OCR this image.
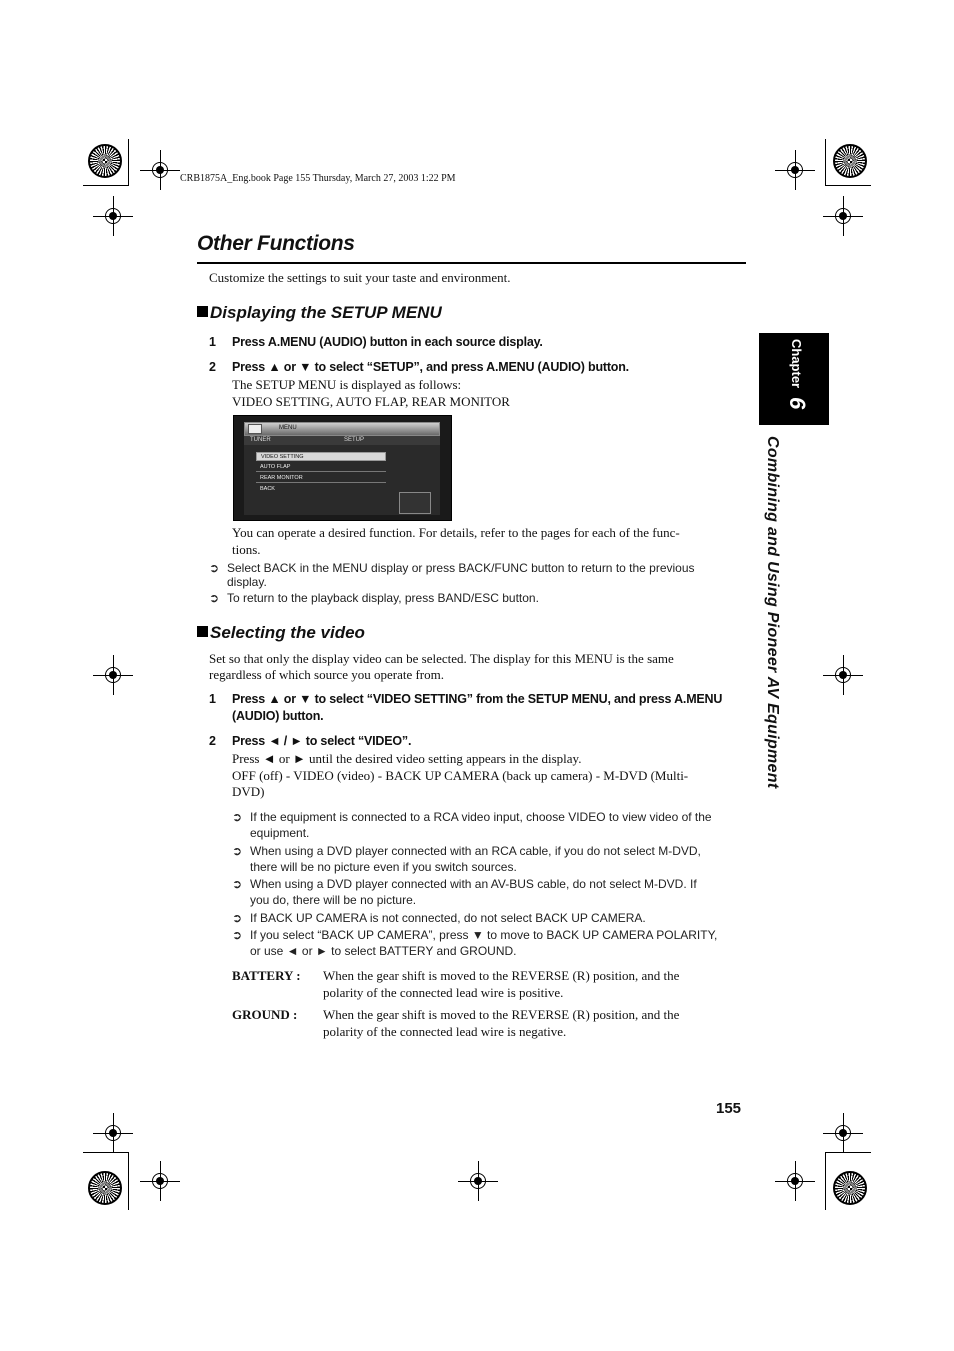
CRB1875A_Eng.book Page 155 Thursday, March 27, 2003 1:22 PM
Other Functions
Customize the settings to suit your taste and environment.
Displaying the SETUP MENU
1 Press A.MENU (AUDIO) button in each source display.
2 Press ▲ or ▼ to select “SETUP”, and press A.MENU (AUDIO) button.
The SETUP MENU is displayed as follows:
VIDEO SETTING, AUTO FLAP, REAR MONITOR
MENU
TUNER	SETUP
VIDEO SETTING
AUTO FLAP
REAR MONITOR
BACK
You can operate a desired function. For details, refer to the pages for each of the func-
tions.
➲ Select BACK in the MENU display or press BACK/FUNC button to return to the previous
display.
➲ To return to the playback display, press BAND/ESC button.
Selecting the video
Set so that only the display video can be selected. The display for this MENU is the same
regardless of which source you operate from.
1 Press ▲ or ▼ to select “VIDEO SETTING” from the SETUP MENU, and press A.MENU
(AUDIO) button.
2 Press ◄ / ► to select “VIDEO”.
Press ◄ or ► until the desired video setting appears in the display.
OFF (off) - VIDEO (video) - BACK UP CAMERA (back up camera) - M-DVD (Multi-
DVD)
➲ If the equipment is connected to a RCA video input, choose VIDEO to view video of the
equipment.
➲ When using a DVD player connected with an RCA cable, if you do not select M-DVD,
there will be no picture even if you switch sources.
➲ When using a DVD player connected with an AV-BUS cable, do not select M-DVD. If
you do, there will be no picture.
➲ If BACK UP CAMERA is not connected, do not select BACK UP CAMERA.
➲ If you select “BACK UP CAMERA”, press ▼ to move to BACK UP CAMERA POLARITY,
or use ◄ or ► to select BATTERY and GROUND.
BATTERY : When the gear shift is moved to the REVERSE (R) position, and the
polarity of the connected lead wire is positive.
GROUND : When the gear shift is moved to the REVERSE (R) position, and the
polarity of the connected lead wire is negative.
Chapter
6
Combining and Using Pioneer AV Equipment
155
